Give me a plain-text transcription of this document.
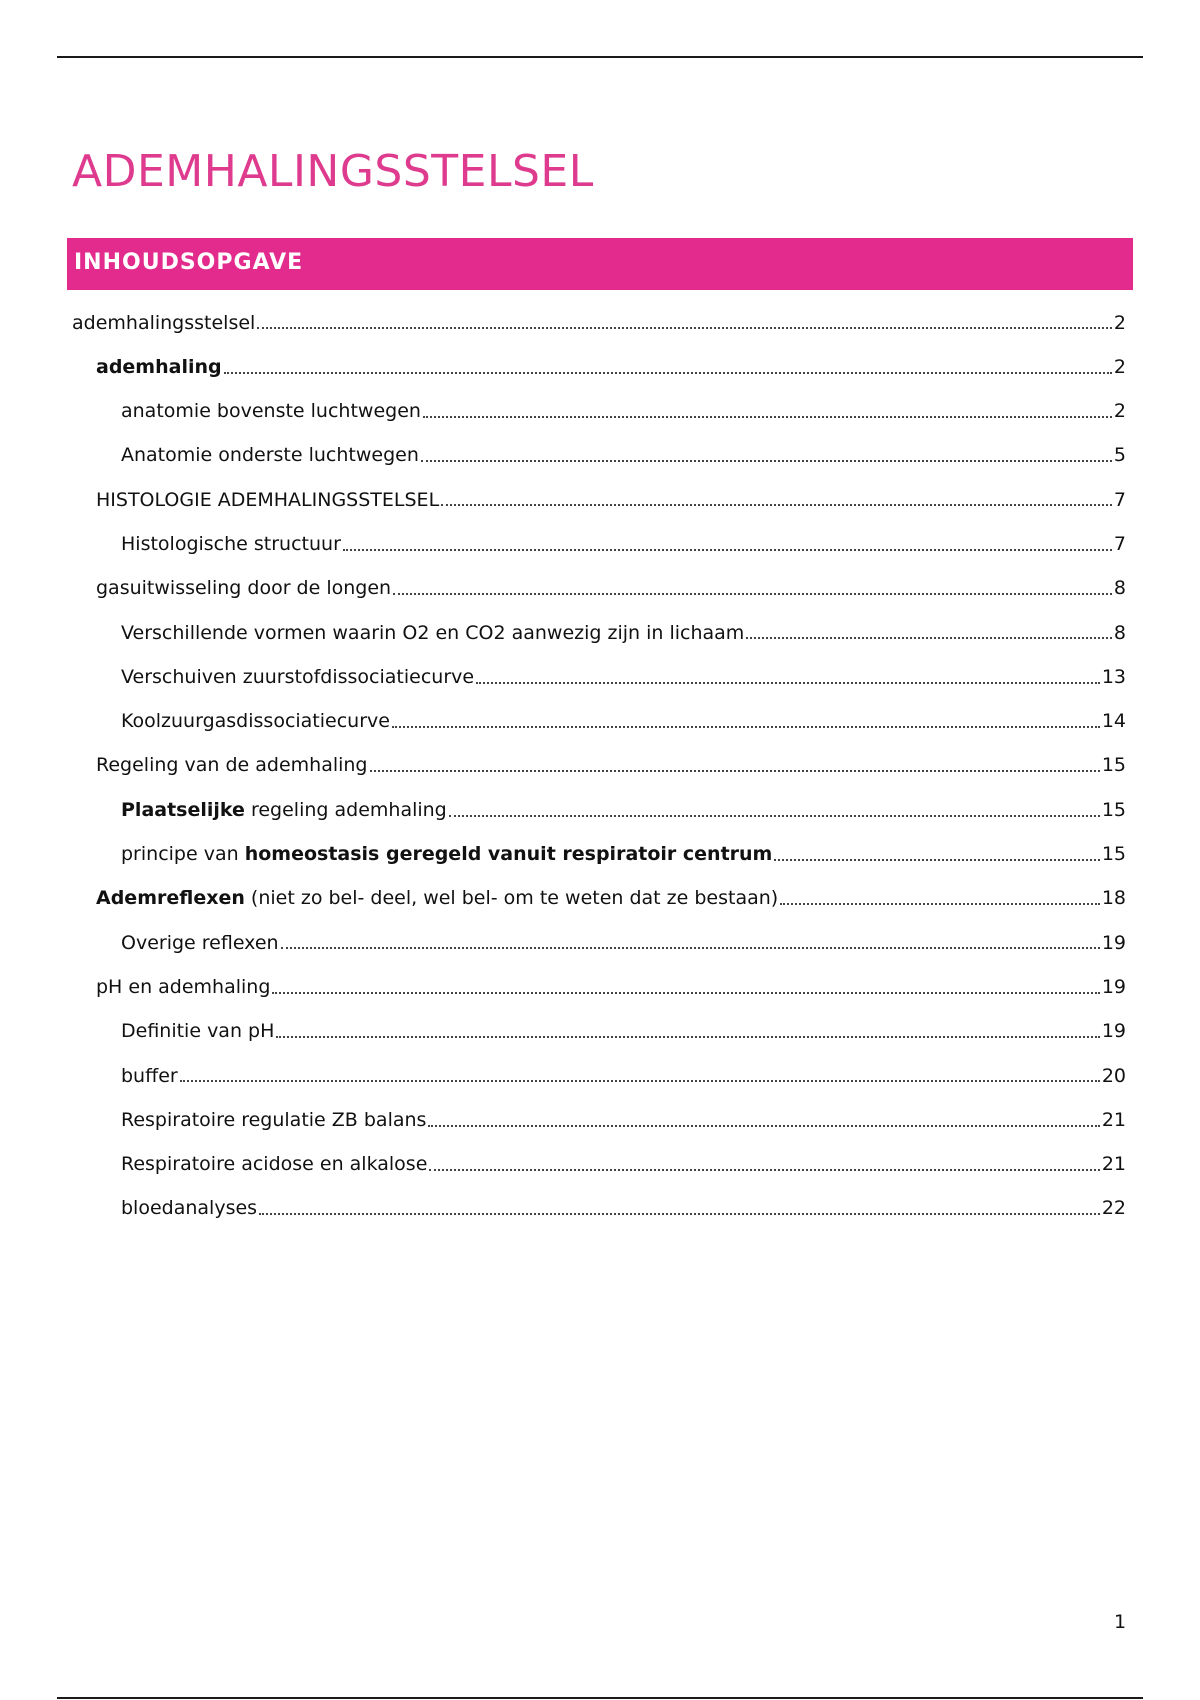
ADEMHALINGSSTELSEL
INHOUDSOPGAVE
ademhalingsstelsel	2
ademhaling	2
anatomie bovenste luchtwegen	2
Anatomie onderste luchtwegen	5
HISTOLOGIE ADEMHALINGSSTELSEL	7
Histologische structuur	7
gasuitwisseling door de longen	8
Verschillende vormen waarin O2 en CO2 aanwezig zijn in lichaam	8
Verschuiven zuurstofdissociatiecurve	13
Koolzuurgasdissociatiecurve	14
Regeling van de ademhaling	15
Plaatselijke regeling ademhaling	15
principe van homeostasis geregeld vanuit respiratoir centrum	15
Ademreflexen (niet zo bel- deel, wel bel- om te weten dat ze bestaan)	18
Overige reflexen	19
pH en ademhaling	19
Definitie van pH	19
buffer	20
Respiratoire regulatie ZB balans	21
Respiratoire acidose en alkalose	21
bloedanalyses	22
1
